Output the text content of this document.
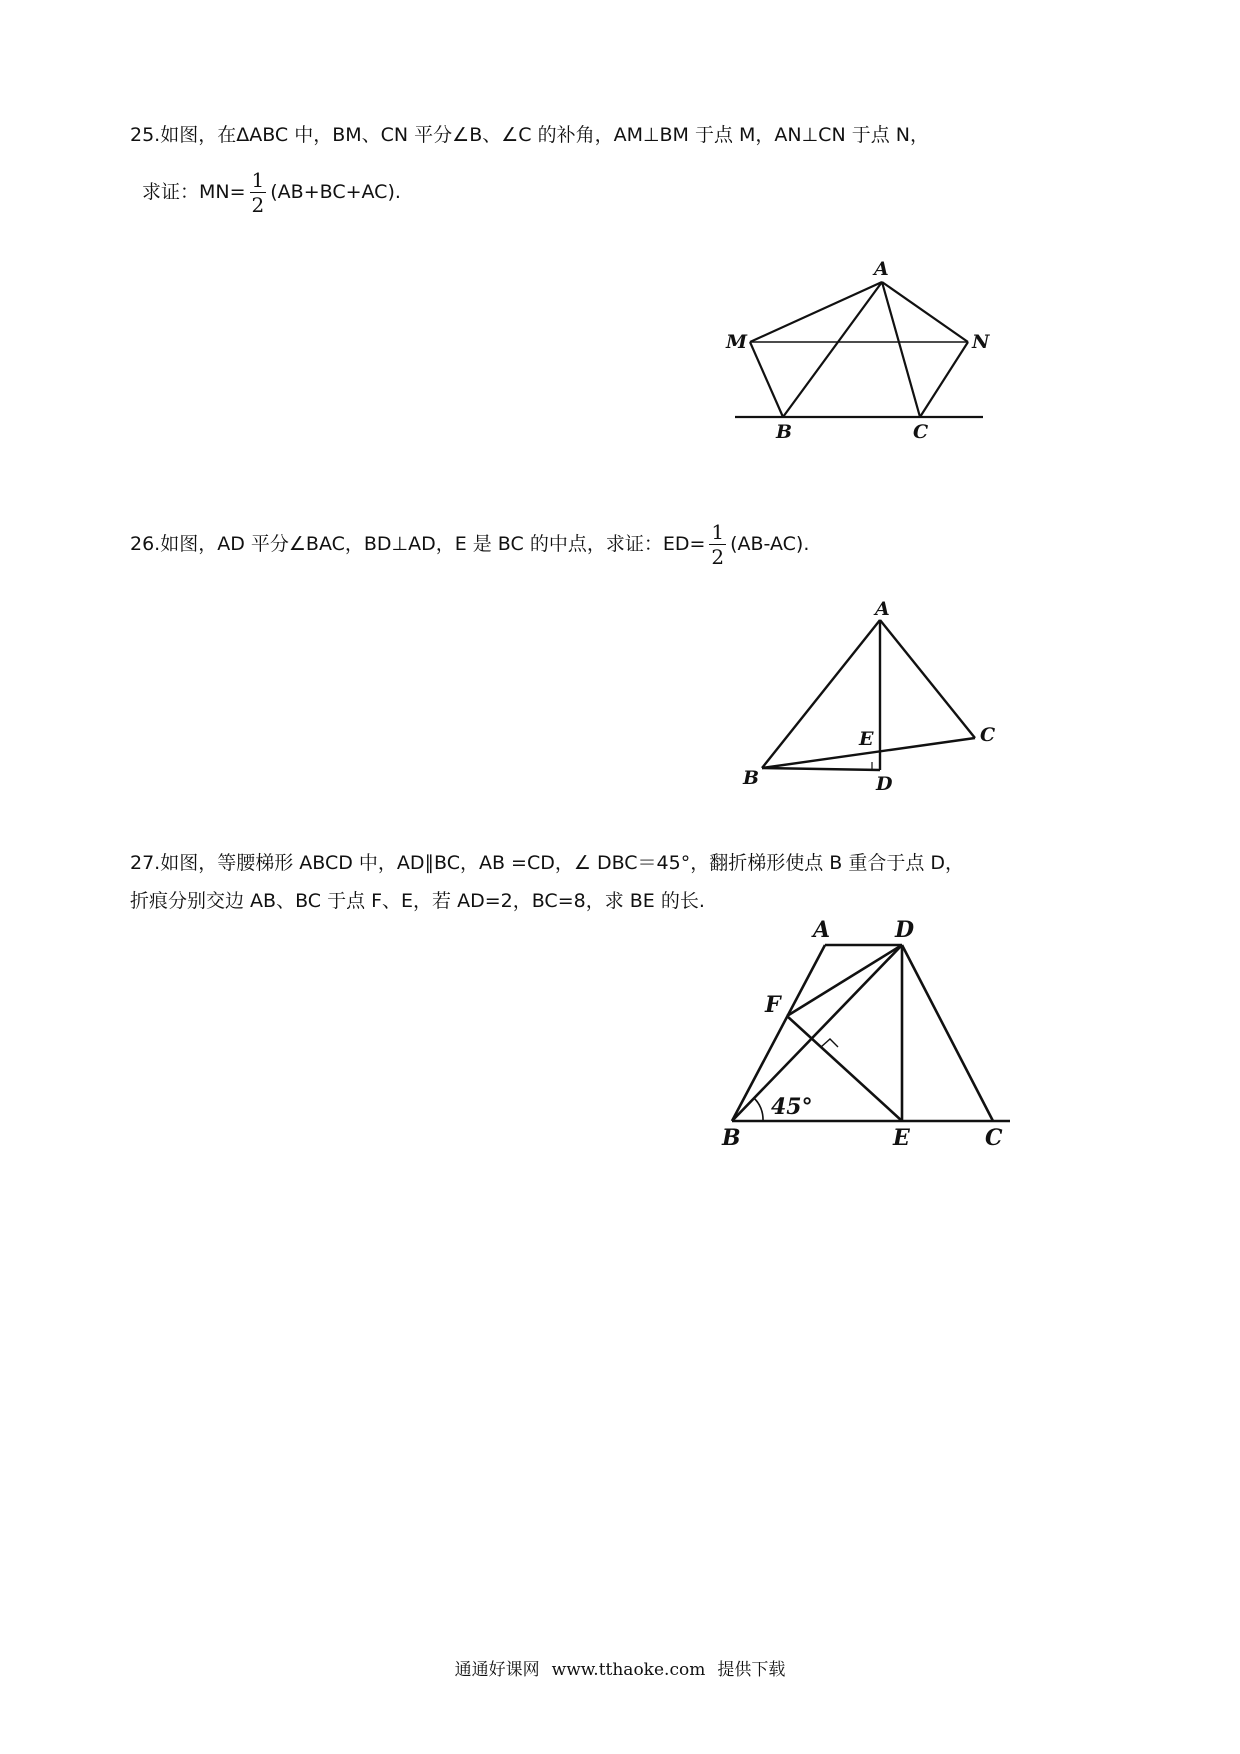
25.如图，在ΔABC 中，BM、CN 平分∠B、∠C 的补角，AM⊥BM 于点 M，AN⊥CN 于点 N，
求证：$MN= \frac{1}{2} (AB+BC+AC)$.
A
M	N
B	C
26.如图，AD 平分∠BAC，BD⊥AD，E 是 BC 的中点，求证：$ED= \frac{1}{2} (AB-AC)$.
A
B
C
E
D
27.如图，等腰梯形 ABCD 中，AD∥BC，AB =CD，∠ DBC＝45°，翻折梯形使点 B 重合于点 D，
折痕分别交边 AB、BC 于点 F、E，若 AD=2，BC=8，求 BE 的长.
A	D
F
B	E	C
45°
通通好课网 www.tthaoke.com 提供下载
